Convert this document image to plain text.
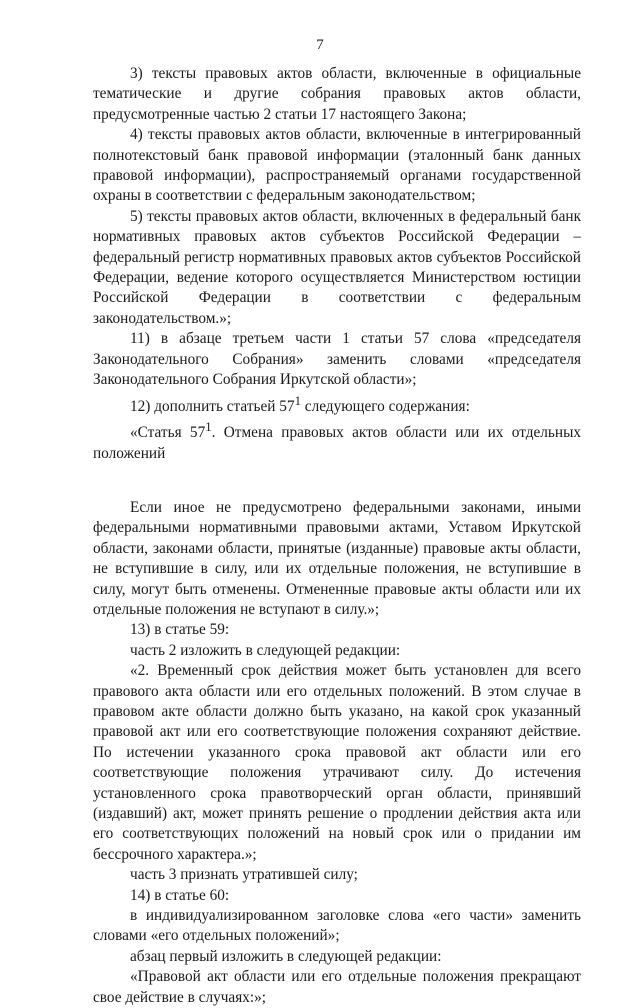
7

3) тексты правовых актов области, включенные в официальные тематические и другие собрания правовых актов области, предусмотренные частью 2 статьи 17 настоящего Закона;

4) тексты правовых актов области, включенные в интегрированный полнотекстовый банк правовой информации (эталонный банк данных правовой информации), распространяемый органами государственной охраны в соответствии с федеральным законодательством;

5) тексты правовых актов области, включенных в федеральный банк нормативных правовых актов субъектов Российской Федерации – федеральный регистр нормативных правовых актов субъектов Российской Федерации, ведение которого осуществляется Министерством юстиции Российской Федерации в соответствии с федеральным законодательством.»;

11) в абзаце третьем части 1 статьи 57 слова «председателя Законодательного Собрания» заменить словами «председателя Законодательного Собрания Иркутской области»;

12) дополнить статьей $57^1$ следующего содержания:

«Статья $57^1$. Отмена правовых актов области или их отдельных положений

Если иное не предусмотрено федеральными законами, иными федеральными нормативными правовыми актами, Уставом Иркутской области, законами области, принятые (изданные) правовые акты области, не вступившие в силу, или их отдельные положения, не вступившие в силу, могут быть отменены. Отмененные правовые акты области или их отдельные положения не вступают в силу.»;

13) в статье 59:

часть 2 изложить в следующей редакции:

«2. Временный срок действия может быть установлен для всего правового акта области или его отдельных положений. В этом случае в правовом акте области должно быть указано, на какой срок указанный правовой акт или его соответствующие положения сохраняют действие. По истечении указанного срока правовой акт области или его соответствующие положения утрачивают силу. До истечения установленного срока правотворческий орган области, принявший (издавший) акт, может принять решение о продлении действия акта или его соответствующих положений на новый срок или о придании им бессрочного характера.»;

часть 3 признать утратившей силу;

14) в статье 60:

в индивидуализированном заголовке слова «его части» заменить словами «его отдельных положений»;

абзац первый изложить в следующей редакции:

«Правовой акт области или его отдельные положения прекращают свое действие в случаях:»;
